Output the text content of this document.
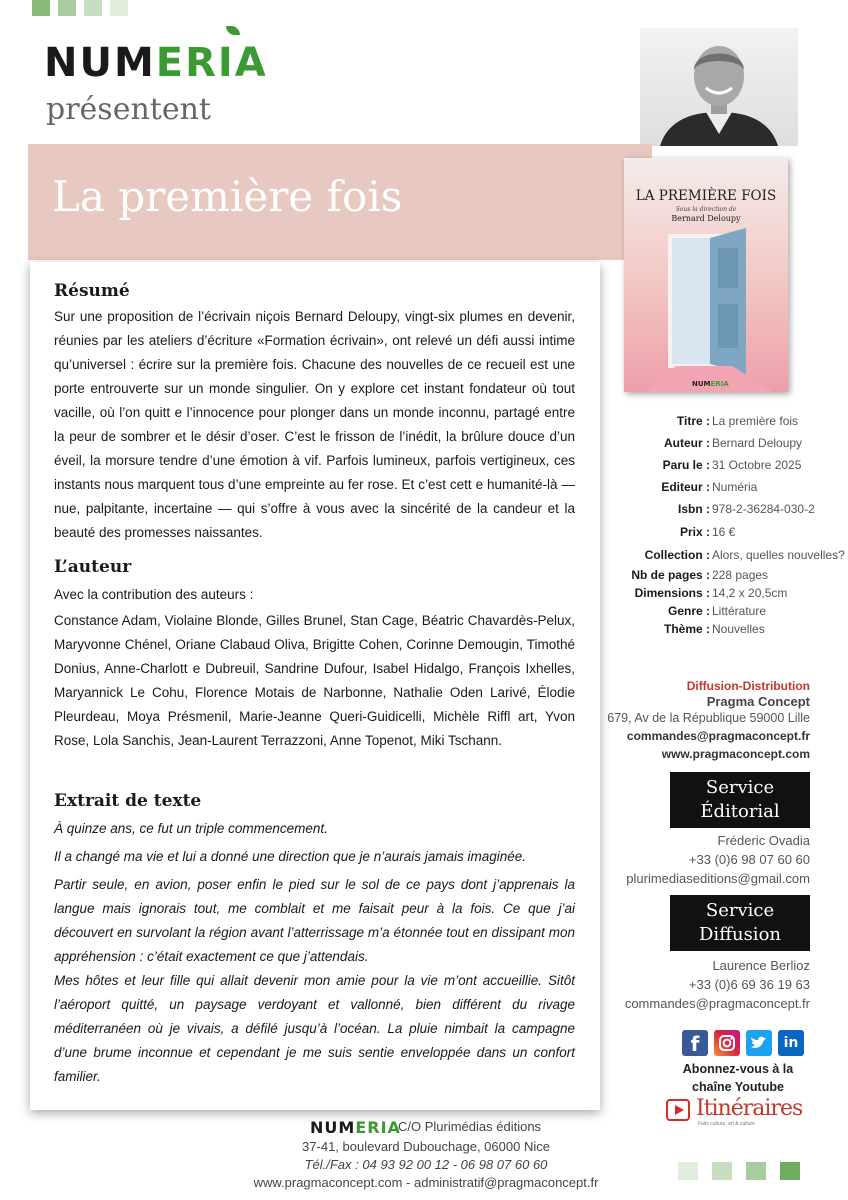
NUMERIA
présentent
La première fois	LA PREMIÈRE FOIS
Sous la direction de
Bernard Deloupy
NUMERIA
Résumé
Sur une proposition de l’écrivain niçois Bernard Deloupy, vingt-six plumes en devenir, réunies par les ateliers d’écriture «Formation écrivain», ont relevé un défi aussi intime qu’universel : écrire sur la première fois. Chacune des nouvelles de ce recueil est une porte entrouverte sur un monde singulier. On y explore cet instant fondateur où tout vacille, où l’on quitt e l’innocence pour plonger dans un monde inconnu, partagé entre la peur de sombrer et le désir d’oser. C’est le frisson de l’inédit, la brûlure douce d’un éveil, la morsure tendre d’une émotion à vif. Parfois lumineux, parfois vertigineux, ces instants nous marquent tous d’une empreinte au fer rose. Et c’est cett e humanité-là — nue, palpitante, incertaine — qui s’offre à vous avec la sincérité de la candeur et la beauté des promesses naissantes.
L’auteur
Avec la contribution des auteurs :
Constance Adam, Violaine Blonde, Gilles Brunel, Stan Cage, Béatric Chavardès-Pelux, Maryvonne Chénel, Oriane Clabaud Oliva, Brigitte Cohen, Corinne Demougin, Timothé Donius, Anne-Charlott e Dubreuil, Sandrine Dufour, Isabel Hidalgo, François Ixhelles, Maryannick Le Cohu, Florence Motais de Narbonne, Nathalie Oden Larivé, Élodie Pleurdeau, Moya Présmenil, Marie-Jeanne Queri-Guidicelli, Michèle Riffl art, Yvon Rose, Lola Sanchis, Jean-Laurent Terrazzoni, Anne Topenot, Miki Tschann.
Extrait de texte
À quinze ans, ce fut un triple commencement.
Il a changé ma vie et lui a donné une direction que je n’aurais jamais imaginée.
Partir seule, en avion, poser enfin le pied sur le sol de ce pays dont j’apprenais la langue mais ignorais tout, me comblait et me faisait peur à la fois. Ce que j’ai découvert en survolant la région avant l’atterrissage m’a étonnée tout en dissipant mon appréhension : c’était exactement ce que j’attendais.
Mes hôtes et leur fille qui allait devenir mon amie pour la vie m’ont accueillie. Sitôt l’aéroport quitté, un paysage verdoyant et vallonné, bien différent du rivage méditerranéen où je vivais, a défilé jusqu’à l’océan. La pluie nimbait la campagne d’une brume inconnue et cependant je me suis sentie enveloppée dans un confort familier.
Titre : La première fois
Auteur : Bernard Deloupy
Paru le : 31 Octobre 2025
Editeur : Numéria
Isbn : 978-2-36284-030-2
Prix : 16 €
Collection : Alors, quelles nouvelles?
Nb de pages : 228 pages
Dimensions : 14,2 x 20,5cm
Genre : Littérature
Thème : Nouvelles
Diffusion-Distribution
Pragma Concept
679, Av de la République 59000 Lille
commandes@pragmaconcept.fr
www.pragmaconcept.com
Service
Éditorial
Fréderic Ovadia
+33 (0)6 98 07 60 60
plurimediaseditions@gmail.com
Service
Diffusion
Laurence Berlioz
+33 (0)6 69 36 19 63
commandes@pragmaconcept.fr
f	in
Abonnez-vous à la
chaîne Youtube
Itinéraires
Faits culture, art & culture
NUMERIA
C/O Plurimédias éditions
37-41, boulevard Dubouchage, 06000 Nice
Tél./Fax : 04 93 92 00 12 - 06 98 07 60 60
www.pragmaconcept.com - administratif@pragmaconcept.fr
